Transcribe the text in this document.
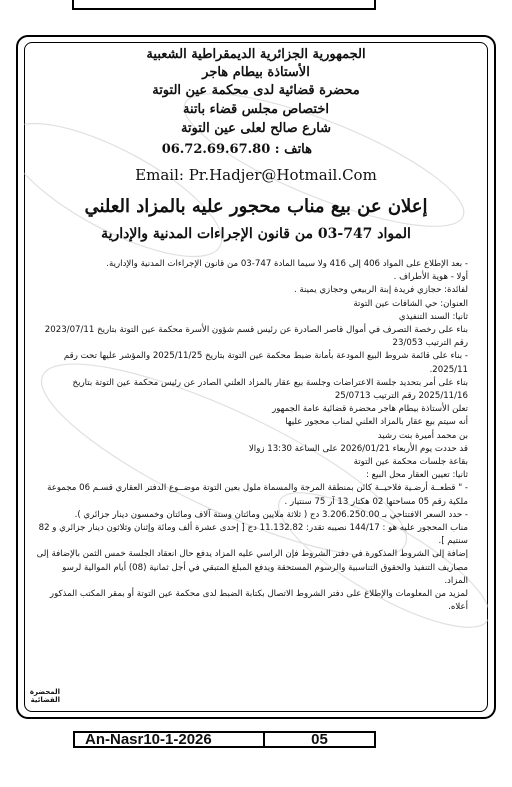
الجمهورية الجزائرية الديمقراطية الشعبية
الأستاذة بيطام هاجر
محضرة قضائية لدى محكمة عين التوتة
اختصاص مجلس قضاء باتنة
شارع صالح لعلى عين التوتة
هاتف : 06.72.69.67.80
Email: Pr.Hadjer@Hotmail.Com
إعلان عن بيع مناب محجور عليه بالمزاد العلني
المواد 747-03 من قانون الإجراءات المدنية والإدارية

- بعد الإطلاع على المواد 406 إلى 416 ولا سيما المادة 747-03 من قانون الإجراءات المدنية والإدارية.

أولا - هوية الأطراف .

لفائدة: حجازي فريدة إبنة الربيعي وحجازي يمينة .

العنوان: حي الشافات عين التوتة

ثانيا: السند التنفيذي

بناء على رخصة التصرف في أموال قاصر الصادرة عن رئيس قسم شؤون الأسرة محكمة عين التوتة بتاريخ 2023/07/11 رقم الترتيب 23/053

- بناء على قائمة شروط البيع المودعة بأمانة ضبط محكمة عين التوتة بتاريخ 2025/11/25 والمؤشر عليها تحت رقم 2025/11.

بناء على أمر بتحديد جلسة الاعتراضات وجلسة بيع عقار بالمزاد العلني الصادر عن رئيس محكمة عين التوتة بتاريخ 2025/11/16 رقم الترتيب 25/0713

تعلن الأستاذة بيطام هاجر محضرة قضائية عامة الجمهور

أنه سيتم بيع عقار بالمزاد العلني لمناب محجور عليها

بن محمد أميرة بنت رشيد

قد حددت يوم الأربعاء 2026/01/21 على الساعة 13:30 زوالا

بقاعة جلسات محكمة عين التوتة

ثانيا: تعيين العقار محل البيع :

- " قطعــة أرضـية فلاحيــة كائن بمنطقة المرجة والمسماة ملول بعين التوتة موضــوع الدفتر العقاري قسـم 06 مجموعة ملكية رقم 05 مساحتها 02 هكتار 13 آر 75 سنتيار .

- حدد السعر الافتتاحي بـ 3.206.250.00 دج ( ثلاثة ملايين ومائتان وستة آلاف ومائتان وخمسون دينار جزائري ).

مناب المحجور عليه هو : 144/17 نصيبه تقدر: 11.132.82 دج [ إحدى عشرة ألف ومائة وإثنان وثلاثون دينار جزائري و 82 سنتيم ].

إضافة إلى الشروط المذكورة في دفتر الشروط فإن الراسي عليه المزاد يدفع حال انعقاد الجلسة خمس الثمن بالإضافة إلى مصاريف التنفيذ والحقوق التناسبية والرسوم المستحقة ويدفع المبلغ المتبقي في أجل ثمانية (08) أيام الموالية لرسو المزاد.

لمزيد من المعلومات والإطلاع على دفتر الشروط الاتصال بكتابة الضبط لدى محكمة عين التوتة أو بمقر المكتب المذكور أعلاه.

المحضرة القضائية
An-Nasr10-1-2026	05
